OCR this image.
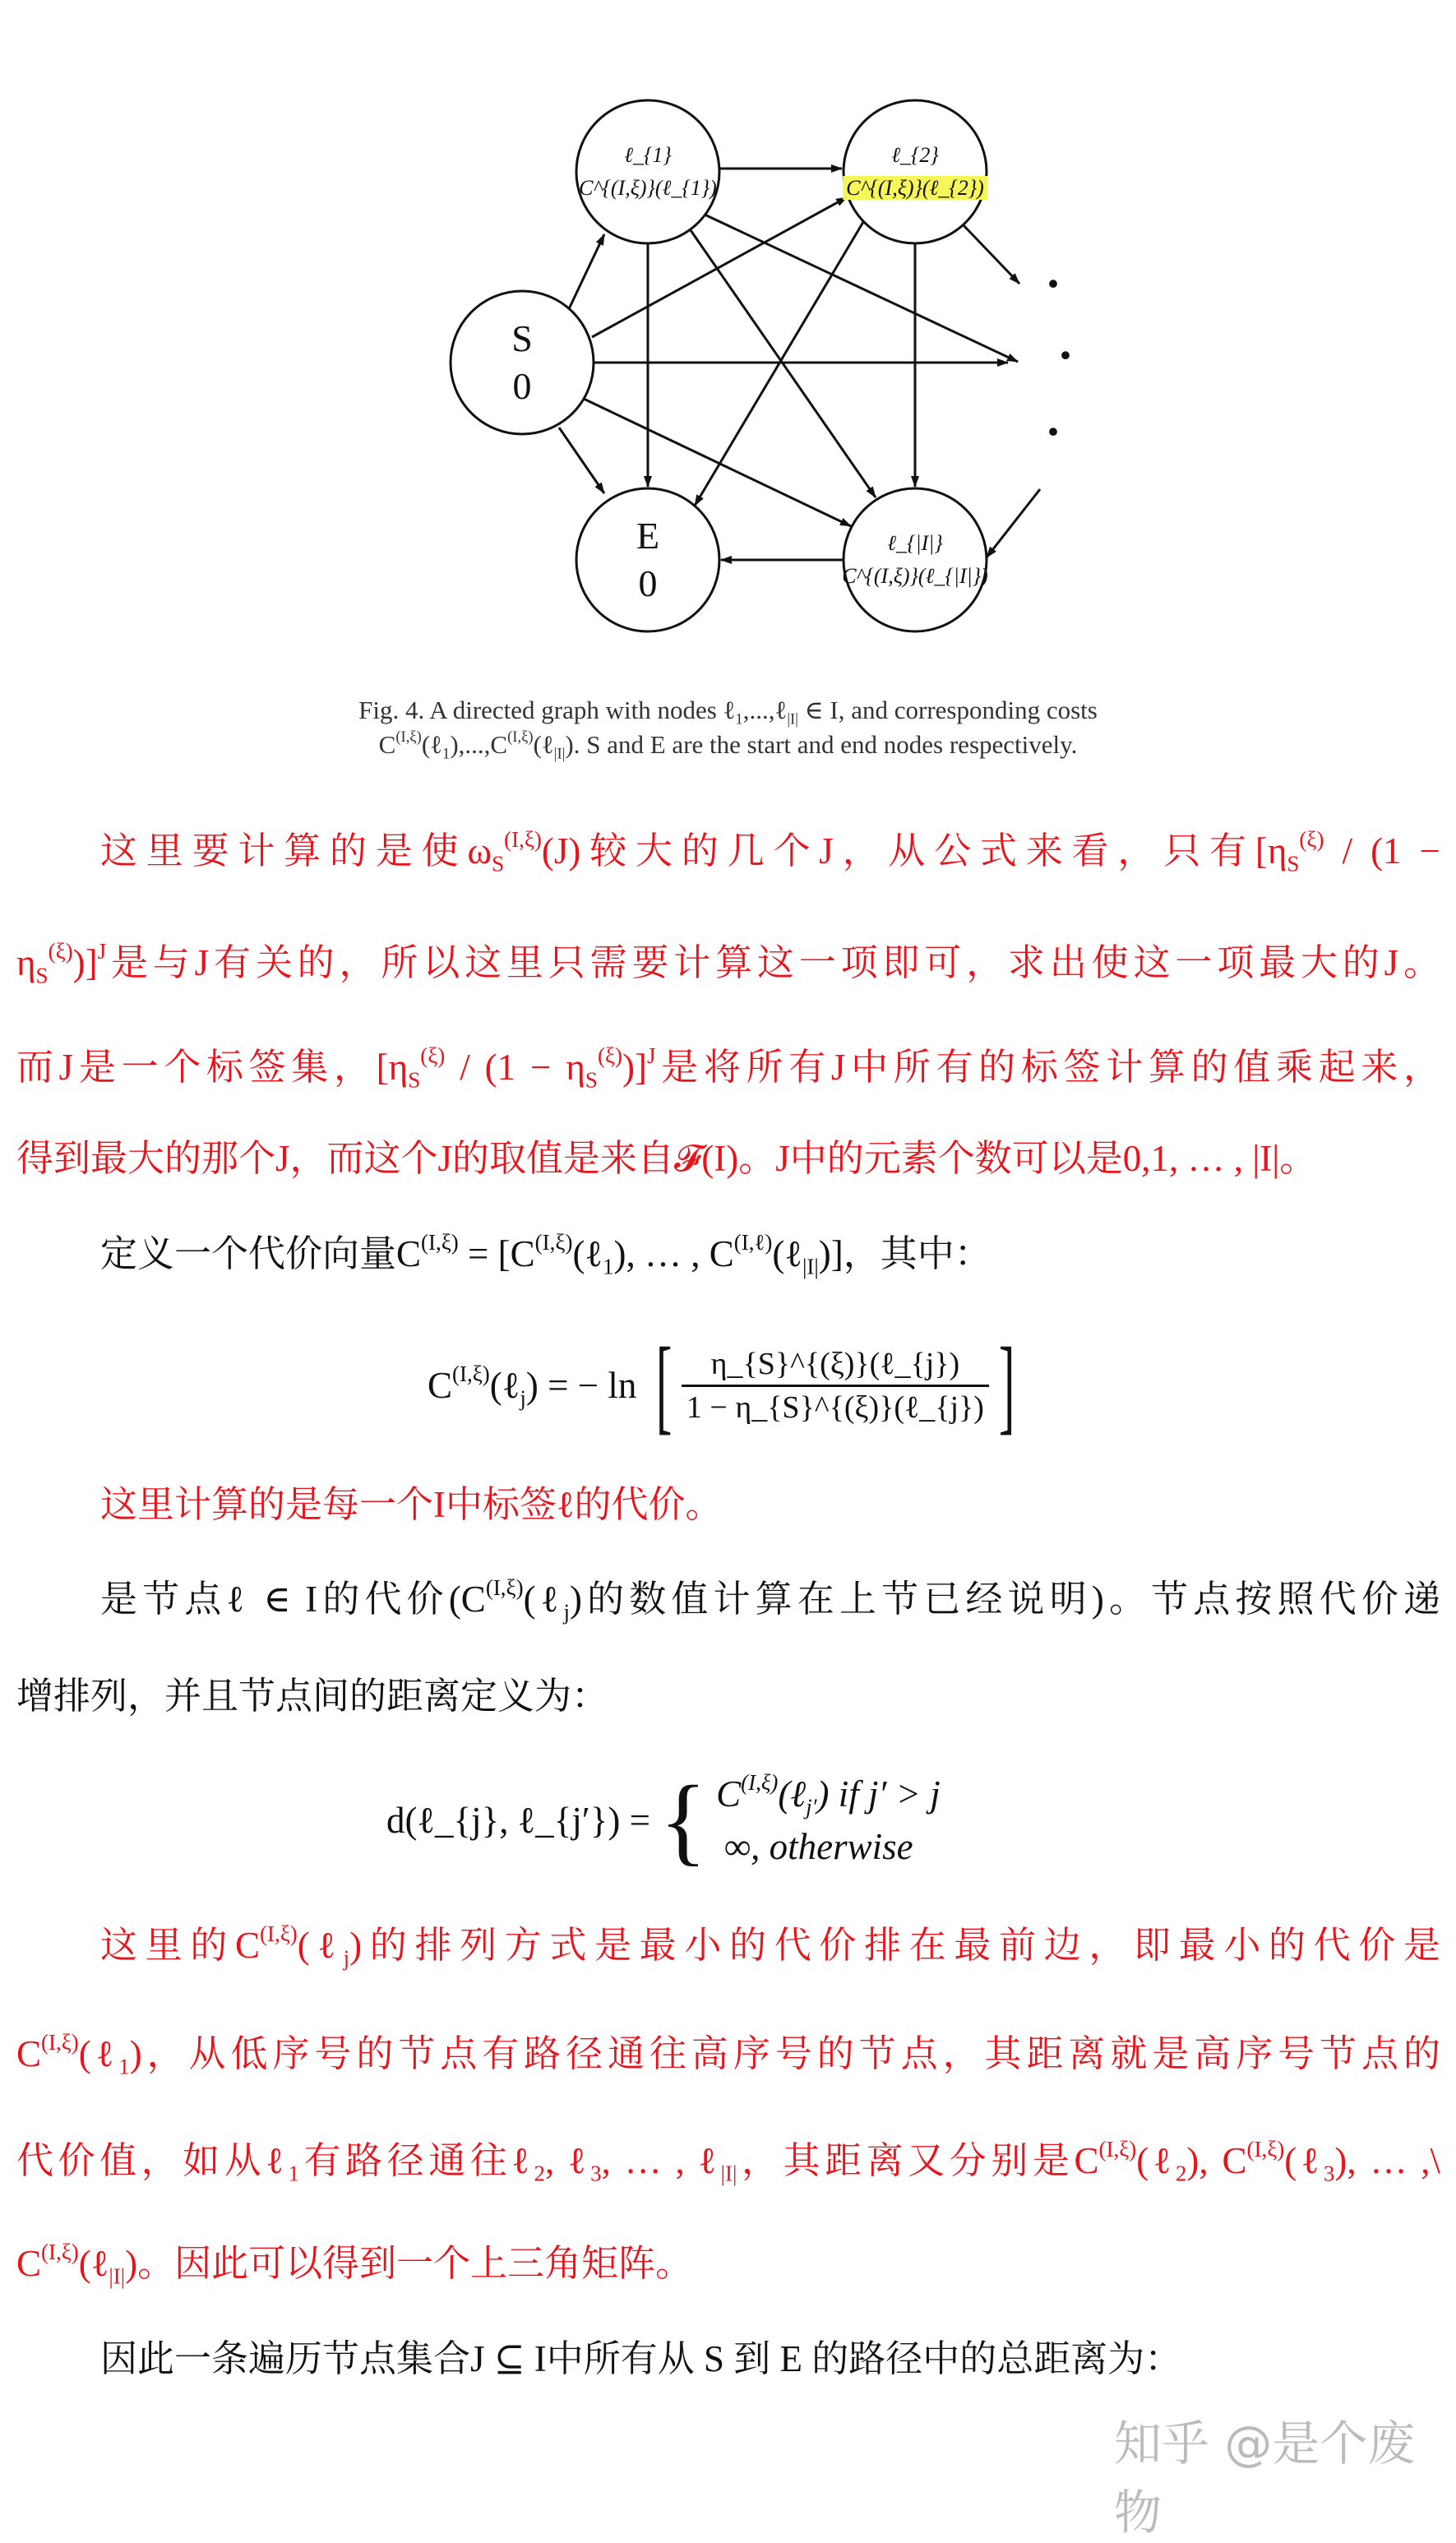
ℓ_{1}
C^{(I,ξ)}(ℓ_{1})
ℓ_{2}
C^{(I,ξ)}(ℓ_{2})
S
0
E
0
ℓ_{|I|}
C^{(I,ξ)}(ℓ_{|I|})
·
·
·
Fig. 4. A directed graph with nodes ℓ$_1$,...,ℓ$_{|I|}$ ∈ I, and corresponding costs
$C^{(I,\xi)}(\ell_1),...,C^{(I,\xi)}(\ell_{|I|})$. S and E are the start and end nodes respectively.
这里要计算的是使$\omega_S^{(I,\xi)}(J)$较大的几个J，从公式来看，只有[$\eta_S^{(\xi)} / (1$ −
$\eta_S^{(\xi)})]^J$是与J有关的，所以这里只需要计算这一项即可，求出使这一项最大的J。
而J是一个标签集，$[\eta_S^{(\xi)} / (1 - \eta_S^{(\xi)})]^J$是将所有J中所有的标签计算的值乘起来，
得到最大的那个J，而这个J的取值是来自𝓕(I)。J中的元素个数可以是0,1, … , |I|。
定义一个代价向量$C^{(I,\xi)}$ = [$C^{(I,\xi)}(\ell_1)$, … , $C^{(I,\ell)}(\ell_{|I|})$]，其中：
$C^{(I,\xi)}(\ell_j)$ = − ln [ $\frac{\text{η\_\{S\}\textasciicircum{}\{(ξ)\}(ℓ\_\{j\})}}{\text{1 − η\_\{S\}\textasciicircum{}\{(ξ)\}(ℓ\_\{j\})}}$ ]
这里计算的是每一个I中标签ℓ的代价。
是节点ℓ ∈ I的代价($C^{(I,\xi)}(\ell_j)$的数值计算在上节已经说明)。节点按照代价递
增排列，并且节点间的距离定义为：
d(ℓ_{j}, ℓ_{j′}) = { $C^{(I,\xi)}(\ell_{j'})$ if j′ > j
∞, otherwise
这里的$C^{(I,\xi)}(\ell_j)$的排列方式是最小的代价排在最前边，即最小的代价是
$C^{(I,\xi)}(\ell_1)$，从低序号的节点有路径通往高序号的节点，其距离就是高序号节点的
代价值，如从ℓ$_1$有路径通往ℓ$_2$, ℓ$_3$, … , ℓ$_{|I|}$，其距离又分别是$C^{(I,\xi)}(\ell_2)$, $C^{(I,\xi)}(\ell_3)$, … ,\
$C^{(I,\xi)}(\ell_{|I|})$。因此可以得到一个上三角矩阵。
因此一条遍历节点集合J ⊆ I中所有从 S 到 E 的路径中的总距离为：
知乎 @是个废物
